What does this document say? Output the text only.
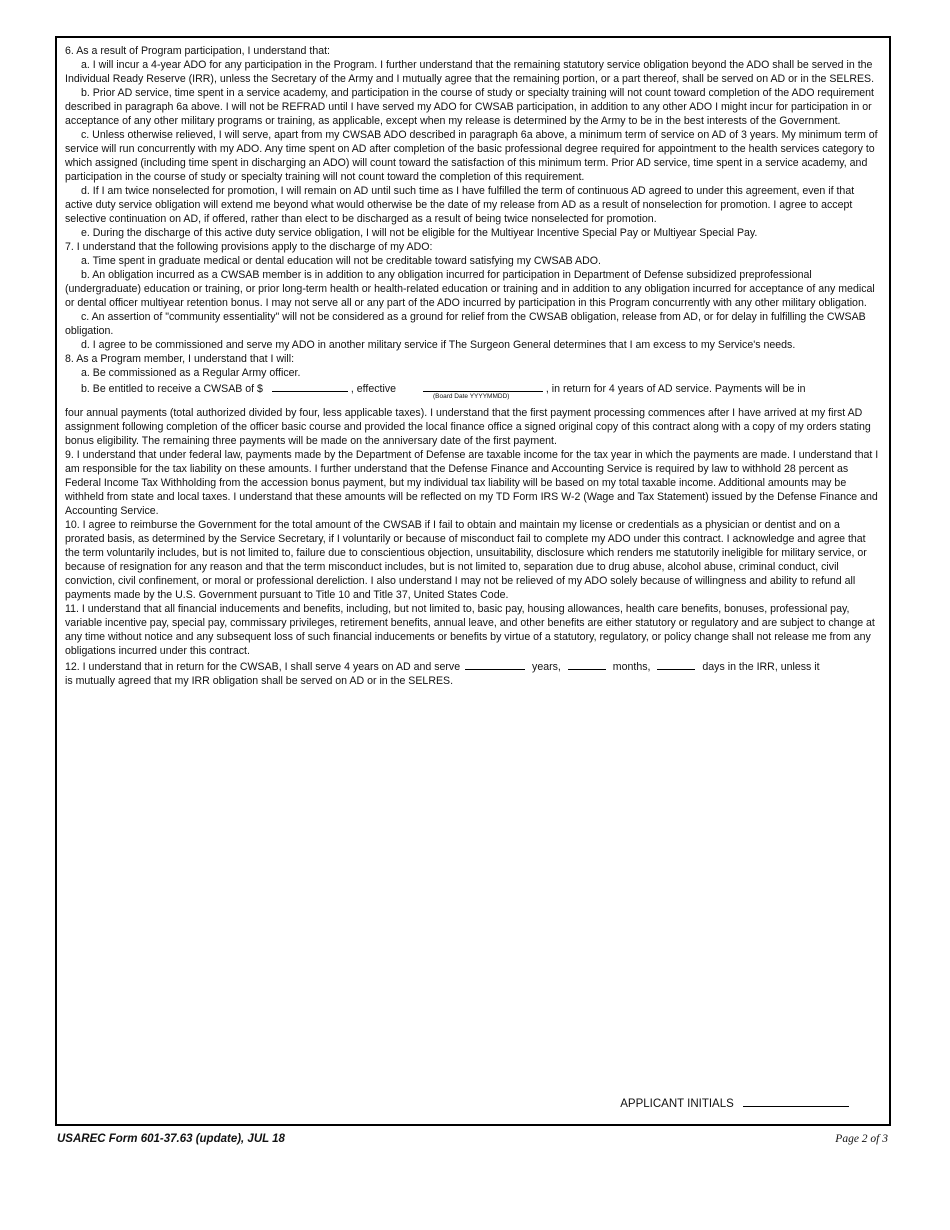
6. As a result of Program participation, I understand that:

a. I will incur a 4-year ADO for any participation in the Program. I further understand that the remaining statutory service obligation beyond the ADO shall be served in the Individual Ready Reserve (IRR), unless the Secretary of the Army and I mutually agree that the remaining portion, or a part thereof, shall be served on AD or in the SELRES.

b. Prior AD service, time spent in a service academy, and participation in the course of study or specialty training will not count toward completion of the ADO requirement described in paragraph 6a above. I will not be REFRAD until I have served my ADO for CWSAB participation, in addition to any other ADO I might incur for participation in or acceptance of any other military programs or training, as applicable, except when my release is determined by the Army to be in the best interests of the Government.

c. Unless otherwise relieved, I will serve, apart from my CWSAB ADO described in paragraph 6a above, a minimum term of service on AD of 3 years. My minimum term of service will run concurrently with my ADO. Any time spent on AD after completion of the basic professional degree required for appointment to the health services category to which assigned (including time spent in discharging an ADO) will count toward the satisfaction of this minimum term. Prior AD service, time spent in a service academy, and participation in the course of study or specialty training will not count toward the completion of this requirement.

d. If I am twice nonselected for promotion, I will remain on AD until such time as I have fulfilled the term of continuous AD agreed to under this agreement, even if that active duty service obligation will extend me beyond what would otherwise be the date of my release from AD as a result of nonselection for promotion. I agree to accept selective continuation on AD, if offered, rather than elect to be discharged as a result of being twice nonselected for promotion.

e. During the discharge of this active duty service obligation, I will not be eligible for the Multiyear Incentive Special Pay or Multiyear Special Pay.

7. I understand that the following provisions apply to the discharge of my ADO:

a. Time spent in graduate medical or dental education will not be creditable toward satisfying my CWSAB ADO.

b. An obligation incurred as a CWSAB member is in addition to any obligation incurred for participation in Department of Defense subsidized preprofessional (undergraduate) education or training, or prior long-term health or health-related education or training and in addition to any obligation incurred for acceptance of any medical or dental officer multiyear retention bonus. I may not serve all or any part of the ADO incurred by participation in this Program concurrently with any other military obligation.

c. An assertion of "community essentiality" will not be considered as a ground for relief from the CWSAB obligation, release from AD, or for delay in fulfilling the CWSAB obligation.

d. I agree to be commissioned and serve my ADO in another military service if The Surgeon General determines that I am excess to my Service's needs.

8. As a Program member, I understand that I will:

a. Be commissioned as a Regular Army officer.

b. Be entitled to receive a CWSAB of $	, effective
(Board Date YYYYMMDD)
, in return for 4 years of AD service. Payments will be in

four annual payments (total authorized divided by four, less applicable taxes). I understand that the first payment processing commences after I have arrived at my first AD assignment following completion of the officer basic course and provided the local finance office a signed original copy of this contract along with a copy of my orders stating bonus eligibility. The remaining three payments will be made on the anniversary date of the first payment.

9. I understand that under federal law, payments made by the Department of Defense are taxable income for the tax year in which the payments are made. I understand that I am responsible for the tax liability on these amounts. I further understand that the Defense Finance and Accounting Service is required by law to withhold 28 percent as Federal Income Tax Withholding from the accession bonus payment, but my individual tax liability will be based on my total taxable income. Additional amounts may be withheld from state and local taxes. I understand that these amounts will be reflected on my TD Form IRS W-2 (Wage and Tax Statement) issued by the Defense Finance and Accounting Service.

10. I agree to reimburse the Government for the total amount of the CWSAB if I fail to obtain and maintain my license or credentials as a physician or dentist and on a prorated basis, as determined by the Service Secretary, if I voluntarily or because of misconduct fail to complete my ADO under this contract. I acknowledge and agree that the term voluntarily includes, but is not limited to, failure due to conscientious objection, unsuitability, disclosure which renders me statutorily ineligible for military service, or because of resignation for any reason and that the term misconduct includes, but is not limited to, separation due to drug abuse, alcohol abuse, criminal conduct, civil conviction, civil confinement, or moral or professional dereliction. I also understand I may not be relieved of my ADO solely because of willingness and ability to refund all payments made by the U.S. Government pursuant to Title 10 and Title 37, United States Code.

11. I understand that all financial inducements and benefits, including, but not limited to, basic pay, housing allowances, health care benefits, bonuses, professional pay, variable incentive pay, special pay, commissary privileges, retirement benefits, annual leave, and other benefits are either statutory or regulatory and are subject to change at any time without notice and any subsequent loss of such financial inducements or benefits by virtue of a statutory, regulatory, or policy change shall not release me from any obligations incurred under this contract.

12. I understand that in return for the CWSAB, I shall serve 4 years on AD and serve	years,	months,	days in the IRR, unless it

is mutually agreed that my IRR obligation shall be served on AD or in the SELRES.

APPLICANT INITIALS
USAREC Form 601-37.63 (update), JUL 18	Page 2 of 3
